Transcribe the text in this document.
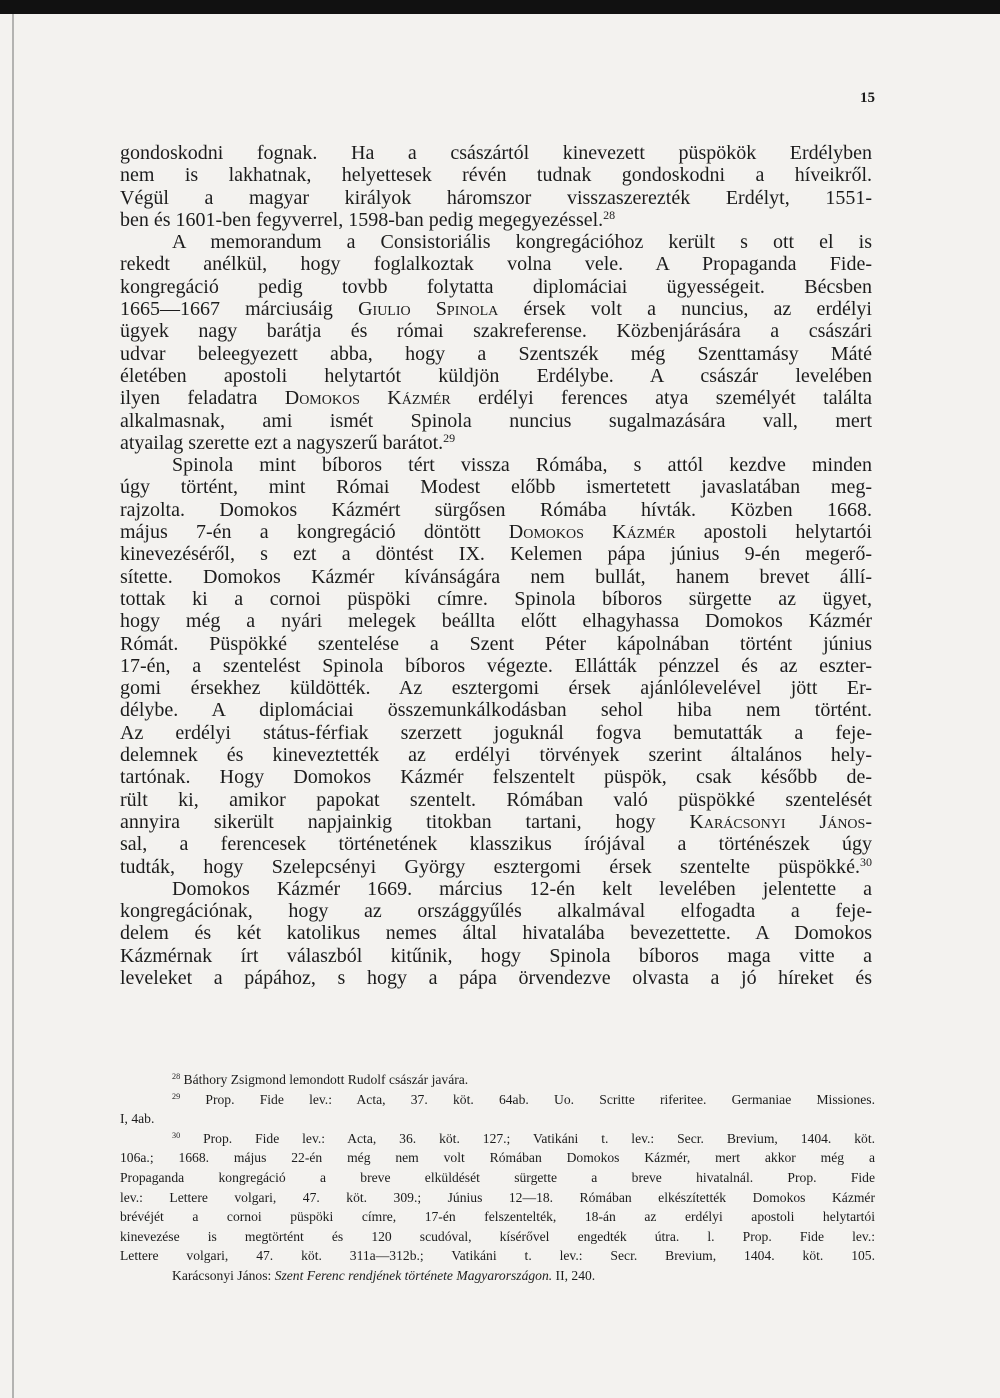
15
gondoskodni fognak. Ha a császártól kinevezett püspökök Erdélyben
nem is lakhatnak, helyettesek révén tudnak gondoskodni a híveikről.
Végül a magyar királyok háromszor visszaszerezték Erdélyt, 1551-
ben és 1601-ben fegyverrel, 1598-ban pedig megegyezéssel.$^{28}$
A memorandum a Consistoriális kongregációhoz került s ott el is
rekedt anélkül, hogy foglalkoztak volna vele. A Propaganda Fide-
kongregáció pedig tovbb folytatta diplomáciai ügyességeit. Bécsben
1665—1667 márciusáig Giulio Spinola érsek volt a nuncius, az erdélyi
ügyek nagy barátja és római szakreferense. Közbenjárására a császári
udvar beleegyezett abba, hogy a Szentszék még Szenttamásy Máté
életében apostoli helytartót küldjön Erdélybe. A császár levelében
ilyen feladatra Domokos Kázmér erdélyi ferences atya személyét találta
alkalmasnak, ami ismét Spinola nuncius sugalmazására vall, mert
atyailag szerette ezt a nagyszerű barátot.$^{29}$
Spinola mint bíboros tért vissza Rómába, s attól kezdve minden
úgy történt, mint Római Modest előbb ismertetett javaslatában meg-
rajzolta. Domokos Kázmért sürgősen Rómába hívták. Közben 1668.
május 7-én a kongregáció döntött Domokos Kázmér apostoli helytartói
kinevezéséről, s ezt a döntést IX. Kelemen pápa június 9-én megerő-
sítette. Domokos Kázmér kívánságára nem bullát, hanem brevet állí-
tottak ki a cornoi püspöki címre. Spinola bíboros sürgette az ügyet,
hogy még a nyári melegek beállta előtt elhagyhassa Domokos Kázmér
Rómát. Püspökké szentelése a Szent Péter kápolnában történt június
17-én, a szentelést Spinola bíboros végezte. Ellátták pénzzel és az eszter-
gomi érsekhez küldötték. Az esztergomi érsek ajánlólevelével jött Er-
délybe. A diplomáciai összemunkálkodásban sehol hiba nem történt.
Az erdélyi státus-férfiak szerzett joguknál fogva bemutatták a feje-
delemnek és kineveztették az erdélyi törvények szerint általános hely-
tartónak. Hogy Domokos Kázmér felszentelt püspök, csak később de-
rült ki, amikor papokat szentelt. Rómában való püspökké szentelését
annyira sikerült napjainkig titokban tartani, hogy Karácsonyi János-
sal, a ferencesek történetének klasszikus írójával a történészek úgy
tudták, hogy Szelepcsényi György esztergomi érsek szentelte püspökké.$^{30}$
Domokos Kázmér 1669. március 12-én kelt levelében jelentette a
kongregációnak, hogy az országgyűlés alkalmával elfogadta a feje-
delem és két katolikus nemes által hivatalába bevezettette. A Domokos
Kázmérnak írt válaszból kitűnik, hogy Spinola bíboros maga vitte a
leveleket a pápához, s hogy a pápa örvendezve olvasta a jó híreket és
$^{28}$ Báthory Zsigmond lemondott Rudolf császár javára.
$^{29}$ Prop. Fide lev.: Acta, 37. köt. 64ab. Uo. Scritte riferitee. Germaniae Missiones.
I, 4ab.
$^{30}$ Prop. Fide lev.: Acta, 36. köt. 127.; Vatikáni t. lev.: Secr. Brevium, 1404. köt.
106a.; 1668. május 22-én még nem volt Rómában Domokos Kázmér, mert akkor még a
Propaganda kongregáció a breve elküldését sürgette a breve hivatalnál. Prop. Fide
lev.: Lettere volgari, 47. köt. 309.; Június 12—18. Rómában elkészítették Domokos Kázmér
brévéjét a cornoi püspöki címre, 17-én felszentelték, 18-án az erdélyi apostoli helytartói
kinevezése is megtörtént és 120 scudóval, kísérővel engedték útra. l. Prop. Fide lev.:
Lettere volgari, 47. köt. 311a—312b.; Vatikáni t. lev.: Secr. Brevium, 1404. köt. 105.
Karácsonyi János: Szent Ferenc rendjének története Magyarországon. II, 240.
